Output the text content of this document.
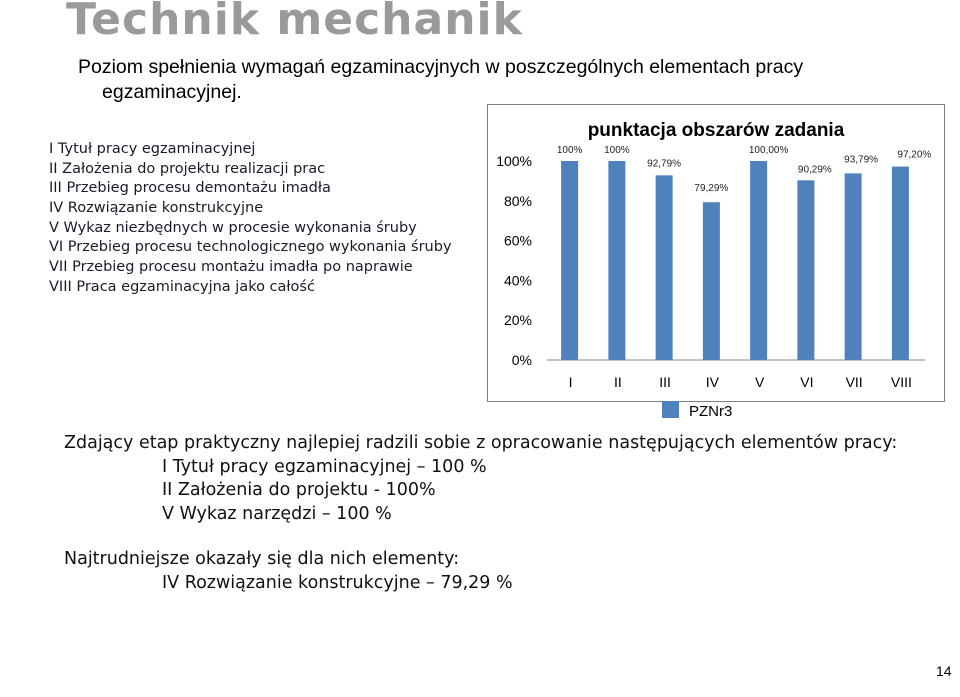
Technik mechanik
Poziom spełnienia wymagań egzaminacyjnych w poszczególnych elementach pracy
egzaminacyjnej.
I Tytuł pracy egzaminacyjnej
II Założenia do projektu realizacji prac
III Przebieg procesu demontażu imadła
IV Rozwiązanie konstrukcyjne
V Wykaz niezbędnych w procesie wykonania śruby
VI Przebieg procesu technologicznego wykonania śruby
VII Przebieg procesu montażu imadła po naprawie
VIII Praca egzaminacyjna jako całość
punktacja obszarów zadania
0%
20%
40%
60%
80%
100%
100%
I
100%
II
92,79%
III
79,29%
IV
100,00%
V
90,29%
VI
93,79%
VII
97,20%
VIII
PZNr3
Zdający etap praktyczny najlepiej radzili sobie z opracowanie następujących elementów pracy:
I Tytuł pracy egzaminacyjnej – 100 %
II Założenia do projektu - 100%
V Wykaz narzędzi – 100 %
Najtrudniejsze okazały się dla nich elementy:
IV Rozwiązanie konstrukcyjne – 79,29 %
14
